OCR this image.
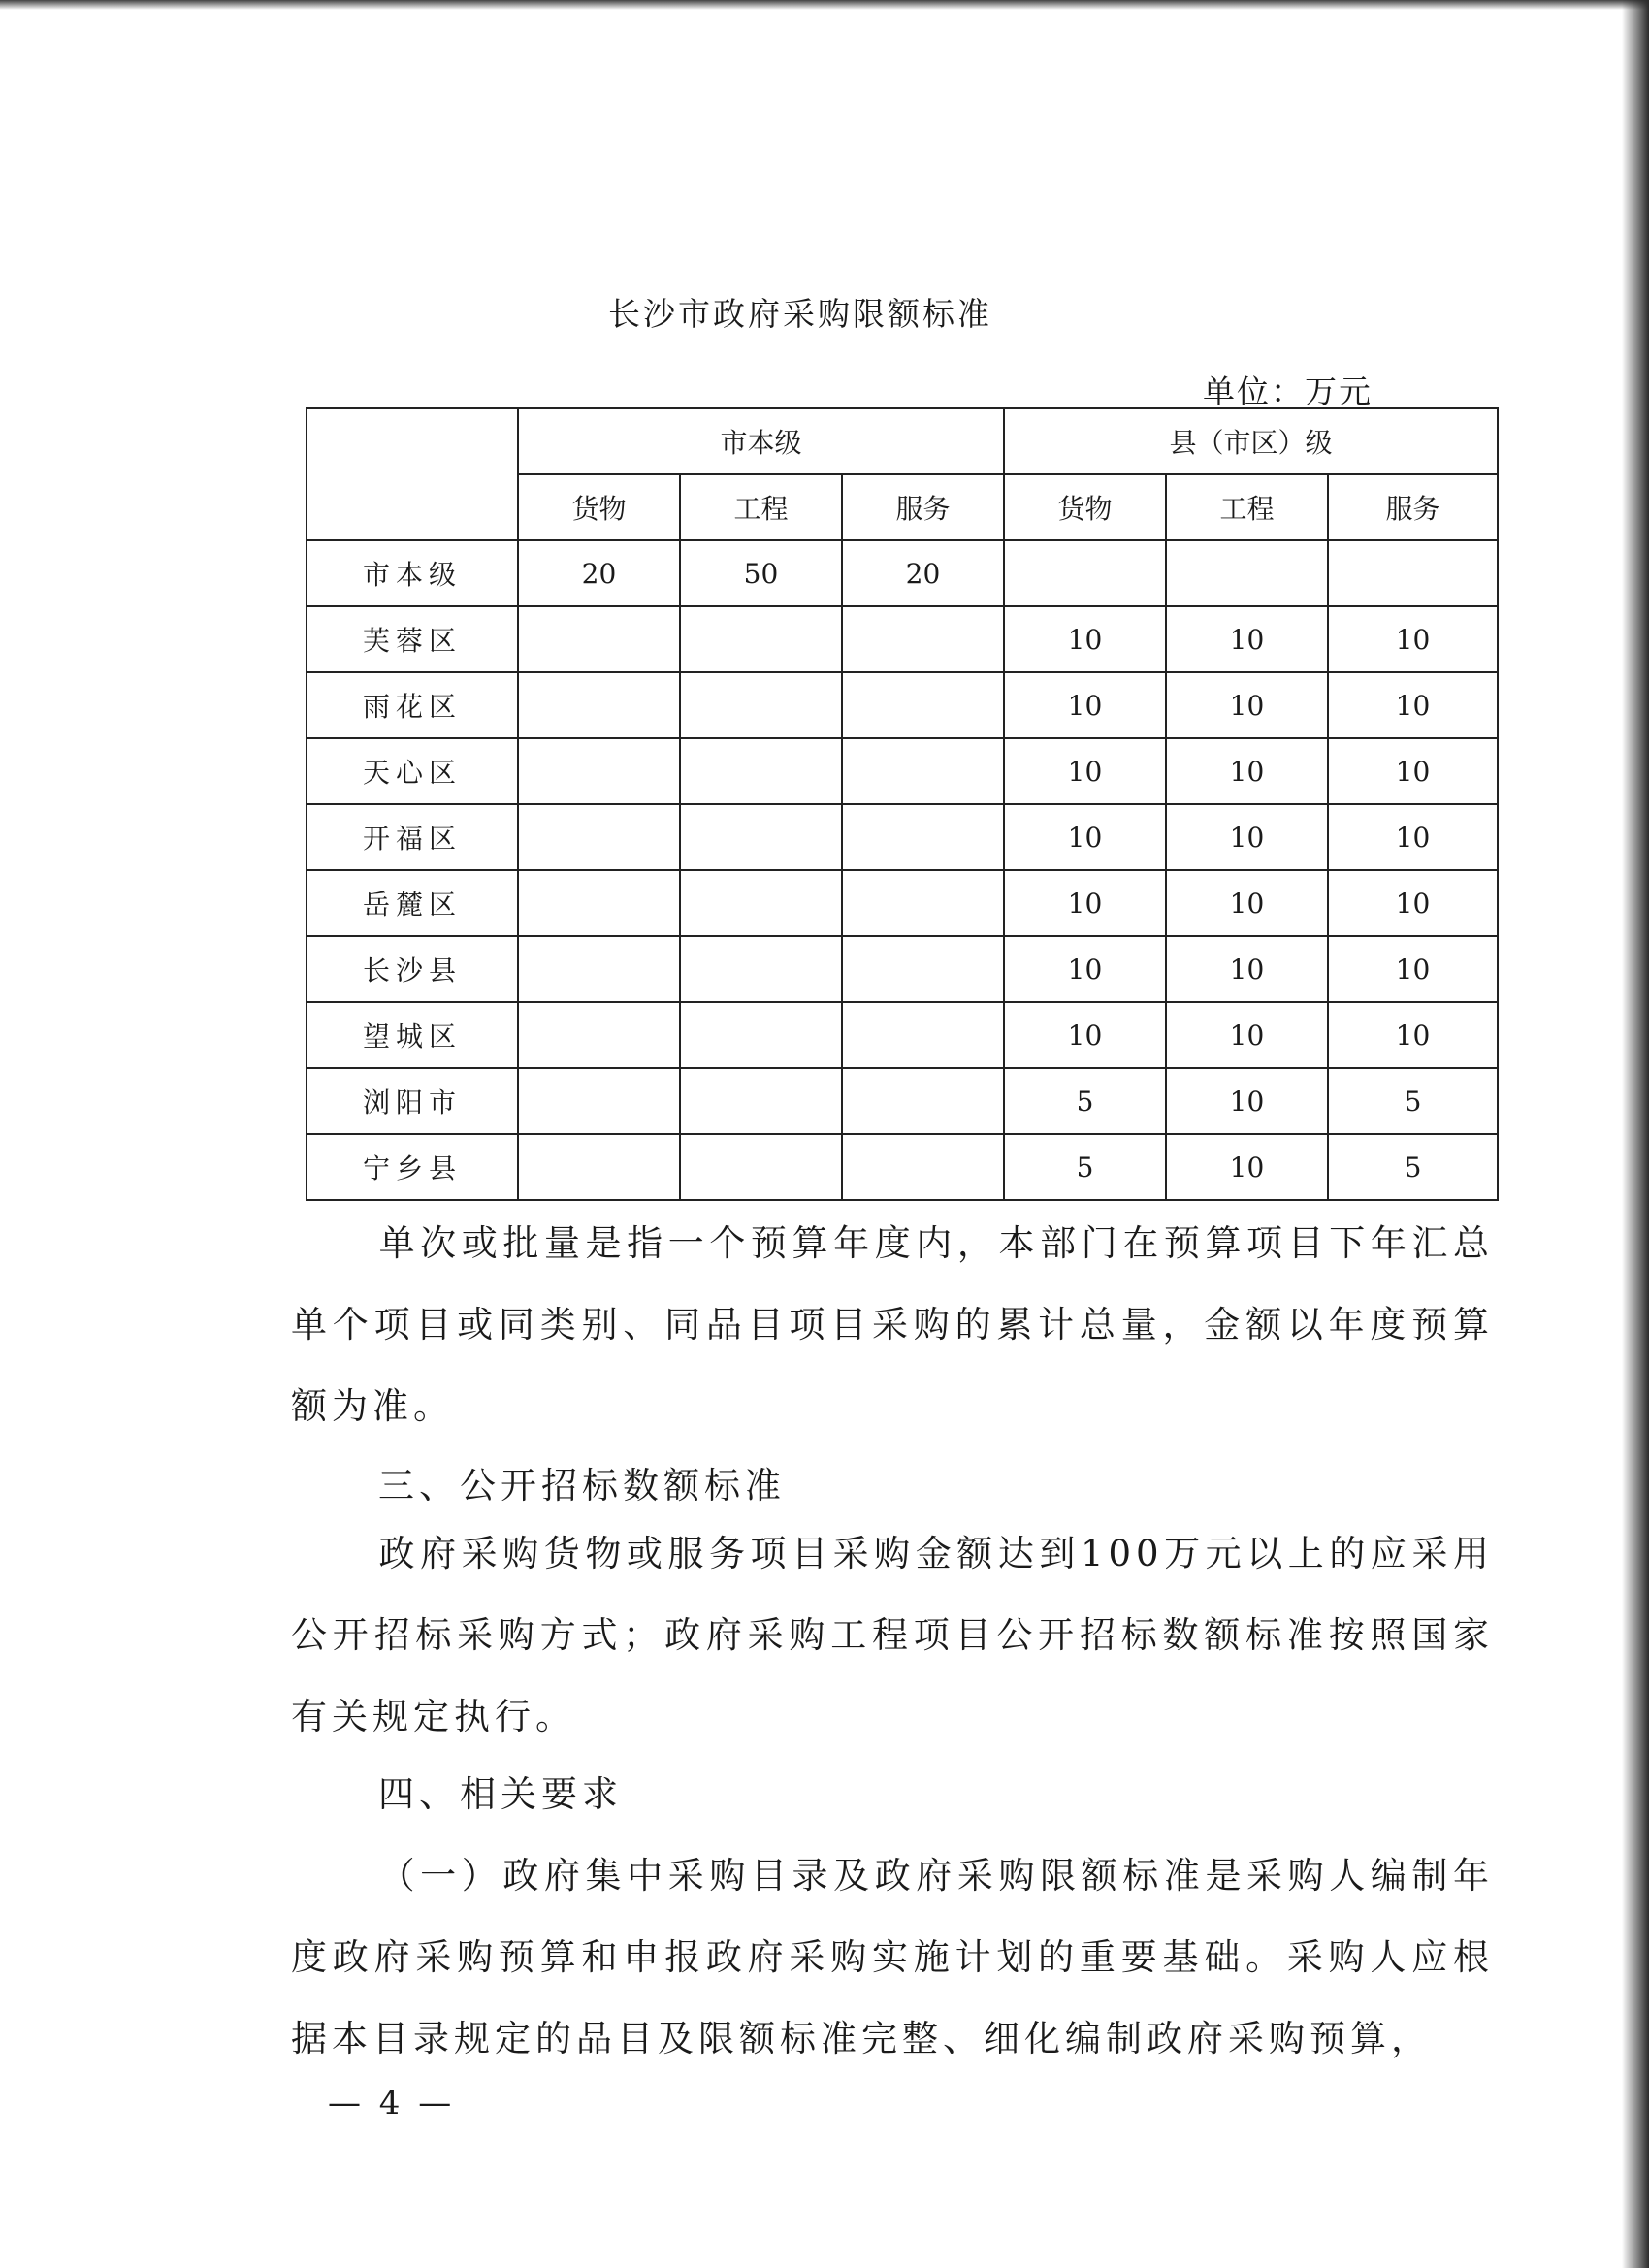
长沙市政府采购限额标准
单位：万元
	市本级			县（市区）级		
	货物	工程	服务	货物	工程	服务
市本级	20	50	20			
芙蓉区				10	10	10
雨花区				10	10	10
天心区				10	10	10
开福区				10	10	10
岳麓区				10	10	10
长沙县				10	10	10
望城区				10	10	10
浏阳市				5	10	5
宁乡县				5	10	5

单次或批量是指一个预算年度内，本部门在预算项目下年汇总单个项目或同类别、同品目项目采购的累计总量，金额以年度预算额为准。

三、公开招标数额标准

政府采购货物或服务项目采购金额达到100万元以上的应采用公开招标采购方式；政府采购工程项目公开招标数额标准按照国家有关规定执行。

四、相关要求

（一）政府集中采购目录及政府采购限额标准是采购人编制年度政府采购预算和申报政府采购实施计划的重要基础。采购人应根据本目录规定的品目及限额标准完整、细化编制政府采购预算，

— 4 —
